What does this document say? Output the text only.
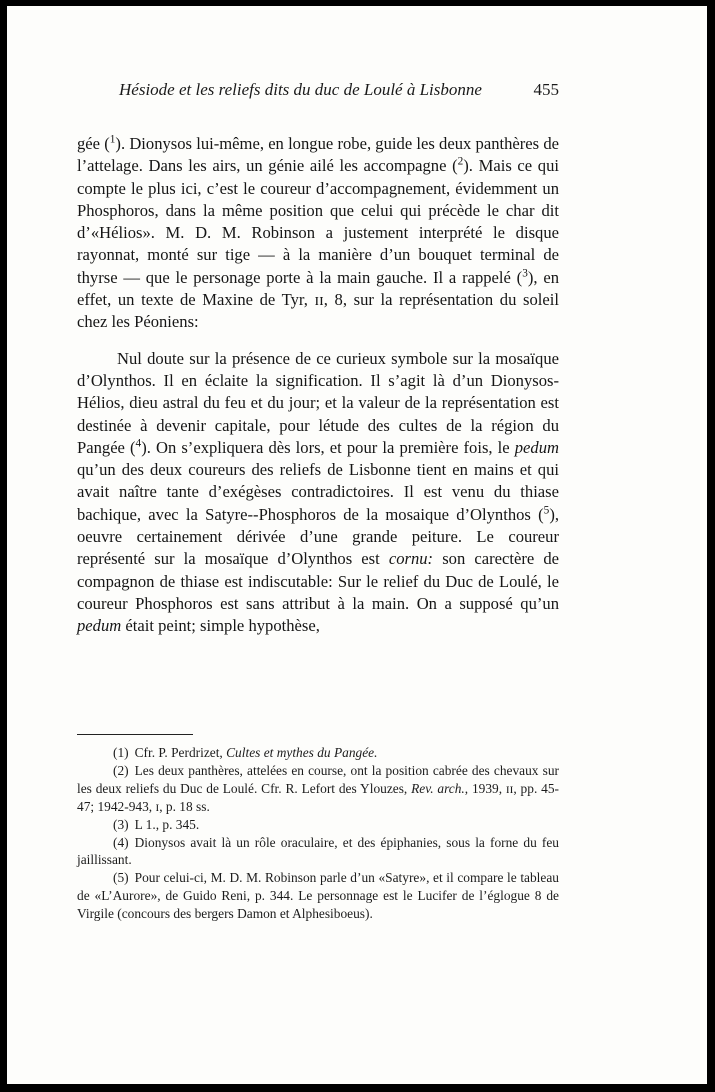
Hésiode et les reliefs dits du duc de Loulé à Lisbonne	455

gée ($^1$). Dionysos lui-même, en longue robe, guide les deux panthères de l’attelage. Dans les airs, un génie ailé les accompagne ($^2$). Mais ce qui compte le plus ici, c’est le coureur d’accompagnement, évidemment un Phosphoros, dans la même position que celui qui précède le char dit d’«Hélios». M. D. M. Robinson a justement interprété le disque rayonnat, monté sur tige — à la manière d’un bouquet terminal de thyrse — que le personage porte à la main gauche. Il a rappelé ($^3$), en effet, un texte de Maxine de Tyr, ɪɪ, 8, sur la représentation du soleil chez les Péoniens:

Nul doute sur la présence de ce curieux symbole sur la mosaïque d’Olynthos. Il en éclaite la signification. Il s’agit là d’un Dionysos-Hélios, dieu astral du feu et du jour; et la valeur de la représentation est destinée à devenir capitale, pour létude des cultes de la région du Pangée ($^4$). On s’expliquera dès lors, et pour la première fois, le pedum qu’un des deux coureurs des reliefs de Lisbonne tient en mains et qui avait naître tante d’exégèses contradictoires. Il est venu du thiase bachique, avec la Satyre--Phosphoros de la mosaique d’Olynthos ($^5$), oeuvre certainement dérivée d’une grande peiture. Le coureur représenté sur la mosaïque d’Olynthos est cornu: son carectère de compagnon de thiase est indiscutable: Sur le relief du Duc de Loulé, le coureur Phosphoros est sans attribut à la main. On a supposé qu’un pedum était peint; simple hypothèse,

(1) Cfr. P. Perdrizet, Cultes et mythes du Pangée.

(2) Les deux panthères, attelées en course, ont la position cabrée des chevaux sur les deux reliefs du Duc de Loulé. Cfr. R. Lefort des Ylouzes, Rev. arch., 1939, ɪɪ, pp. 45-47; 1942-943, ɪ, p. 18 ss.

(3) L 1., p. 345.

(4) Dionysos avait là un rôle oraculaire, et des épiphanies, sous la forne du feu jaillissant.

(5) Pour celui-ci, M. D. M. Robinson parle d’un «Satyre», et il compare le tableau de «L’Aurore», de Guido Reni, p. 344. Le personnage est le Lucifer de l’églogue 8 de Virgile (concours des bergers Damon et Alphesiboeus).
